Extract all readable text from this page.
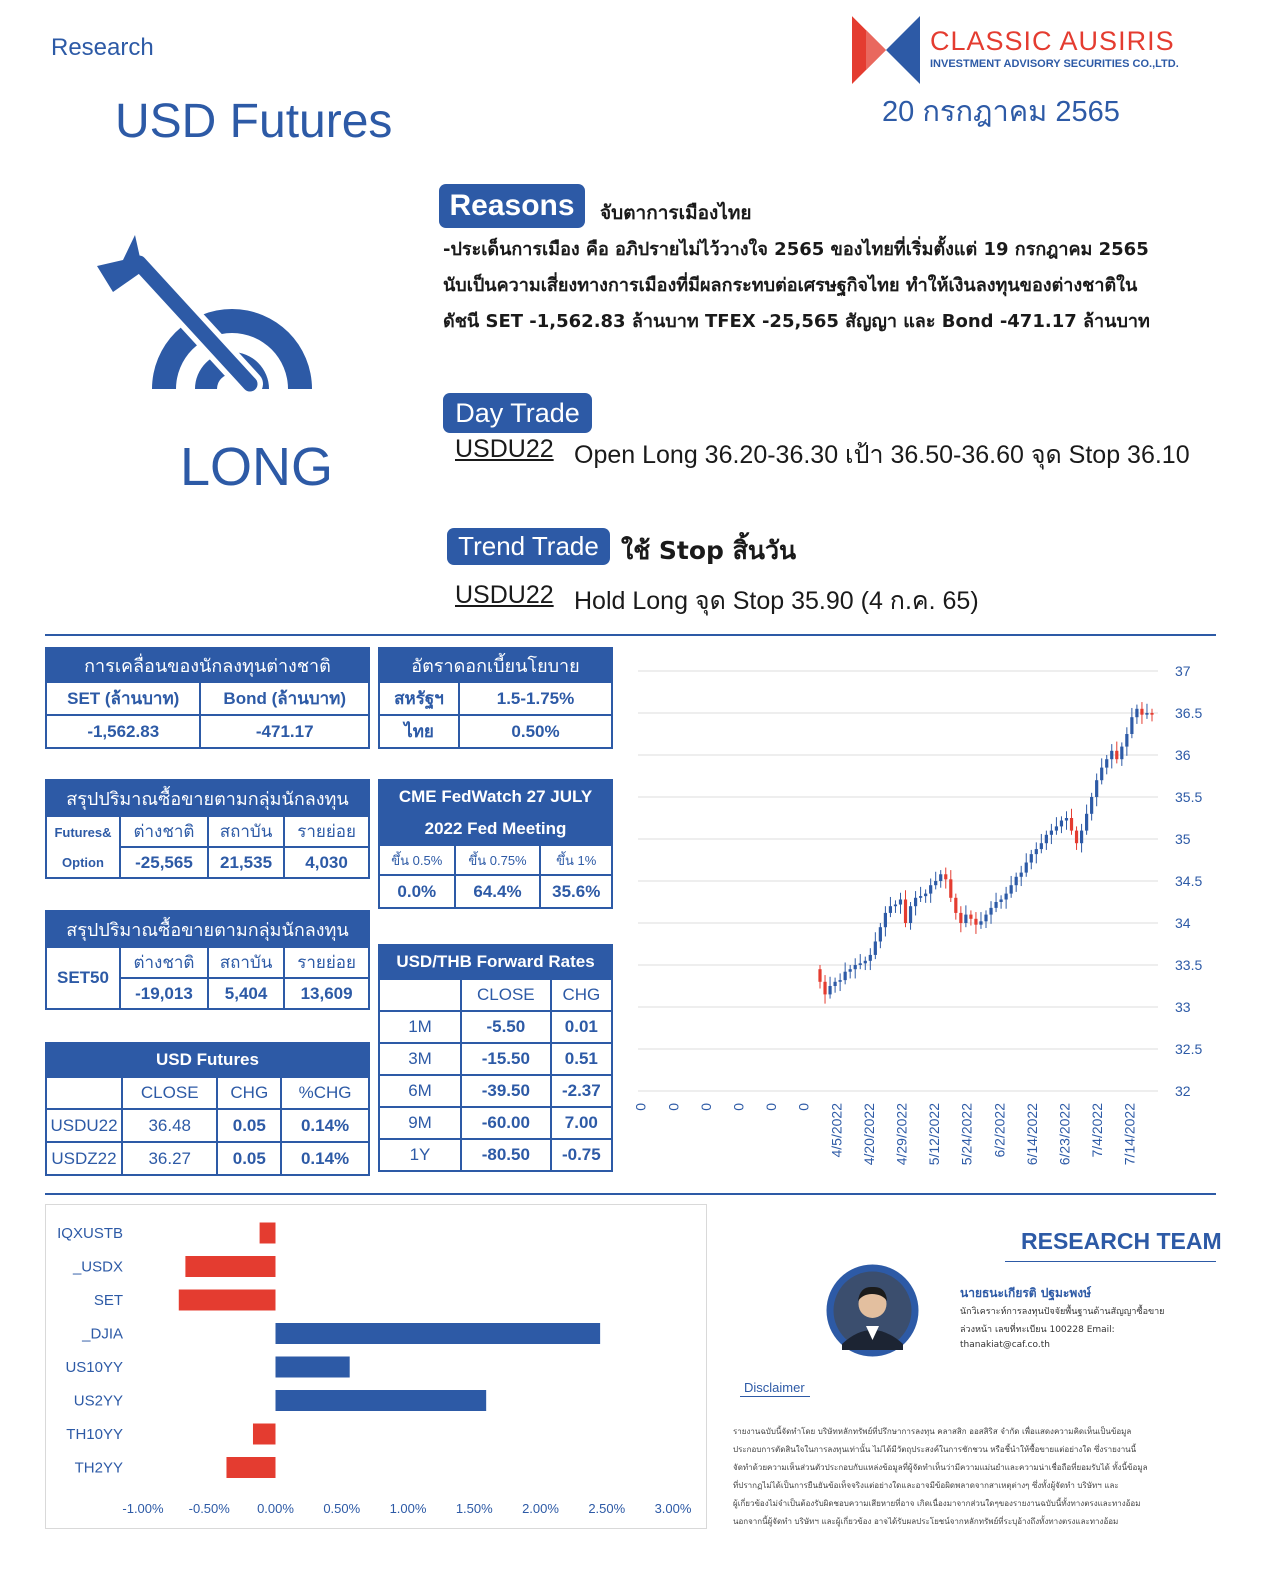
Research
USD Futures
CLASSIC AUSIRIS
INVESTMENT ADVISORY SECURITIES CO.,LTD.
20 กรกฎาคม 2565
LONG
Reasons	จับตาการเมืองไทย
-ประเด็นการเมือง คือ อภิปรายไม่ไว้วางใจ 2565 ของไทยที่เริ่มตั้งแต่ 19 กรกฎาคม 2565
นับเป็นความเสี่ยงทางการเมืองที่มีผลกระทบต่อเศรษฐกิจไทย ทำให้เงินลงทุนของต่างชาติใน
ดัชนี SET -1,562.83 ล้านบาท TFEX -25,565 สัญญา และ Bond -471.17 ล้านบาท
Day Trade
USDU22 Open Long 36.20-36.30 เป้า 36.50-36.60 จุด Stop 36.10
Trend Trade ใช้ Stop สิ้นวัน
USDU22 Hold Long จุด Stop 35.90 (4 ก.ค. 65)
การเคลื่อนของนักลงทุนต่างชาติ	
SET (ล้านบาท)	Bond (ล้านบาท)
-1,562.83	-471.17
อัตราดอกเบี้ยนโยบาย	
สหรัฐฯ	1.5-1.75%
ไทย	0.50%
สรุปปริมาณซื้อขายตามกลุ่มนักลงทุน			
Futures&	ต่างชาติ	สถาบัน	รายย่อย
Option	-25,565	21,535	4,030
CME FedWatch 27 JULY		
2022 Fed Meeting		
ขึ้น 0.5%	ขึ้น 0.75%	ขึ้น 1%
0.0%	64.4%	35.6%
สรุปปริมาณซื้อขายตามกลุ่มนักลงทุน			
SET50	ต่างชาติ	สถาบัน	รายย่อย
	-19,013	5,404	13,609
USD/THB Forward Rates		
	CLOSE	CHG
1M	-5.50	0.01
3M	-15.50	0.51
6M	-39.50	-2.37
9M	-60.00	7.00
1Y	-80.50	-0.75
USD Futures			
	CLOSE	CHG	%CHG
USDU22	36.48	0.05	0.14%
USDZ22	36.27	0.05	0.14%
32
32.5
33
33.5
34
34.5
35
35.5
36
36.5
37
0 0 0 0 0 0 4/5/2022 4/20/2022 4/29/2022 5/12/2022 5/24/2022 6/2/2022 6/14/2022 6/23/2022 7/4/2022 7/14/2022
-1.00% -0.50% 0.00% 0.50% 1.00% 1.50% 2.00% 2.50% 3.00%
IQXUSTB
_USDX
SET
_DJIA
US10YY
US2YY
TH10YY
TH2YY
RESEARCH TEAM
นายธนะเกียรติ ปฐมะพงษ์
นักวิเคราะห์การลงทุนปัจจัยพื้นฐานด้านสัญญาซื้อขาย
ล่วงหน้า เลขที่ทะเบียน 100228 Email:
thanakiat@caf.co.th
Disclaimer
รายงานฉบับนี้จัดทำโดย บริษัทหลักทรัพย์ที่ปรึกษาการลงทุน คลาสสิก ออสสิริส จำกัด เพื่อแสดงความคิดเห็นเป็นข้อมูล
ประกอบการตัดสินใจในการลงทุนเท่านั้น ไม่ได้มีวัตถุประสงค์ในการชักชวน หรือชี้นำให้ซื้อขายแต่อย่างใด ซึ่งรายงานนี้
จัดทำด้วยความเห็นส่วนตัวประกอบกับแหล่งข้อมูลที่ผู้จัดทำเห็นว่ามีความแม่นยำและความน่าเชื่อถือที่ยอมรับได้ ทั้งนี้ข้อมูล
ที่ปรากฏไม่ได้เป็นการยืนยันข้อเท็จจริงแต่อย่างใดและอาจมีข้อผิดพลาดจากสาเหตุต่างๆ ซึ่งทั้งผู้จัดทำ บริษัทฯ และ
ผู้เกี่ยวข้องไม่จำเป็นต้องรับผิดชอบความเสียหายที่อาจ เกิดเนื่องมาจากส่วนใดๆของรายงานฉบับนี้ทั้งทางตรงและทางอ้อม
นอกจากนี้ผู้จัดทำ บริษัทฯ และผู้เกี่ยวข้อง อาจได้รับผลประโยชน์จากหลักทรัพย์ที่ระบุอ้างถึงทั้งทางตรงและทางอ้อม
